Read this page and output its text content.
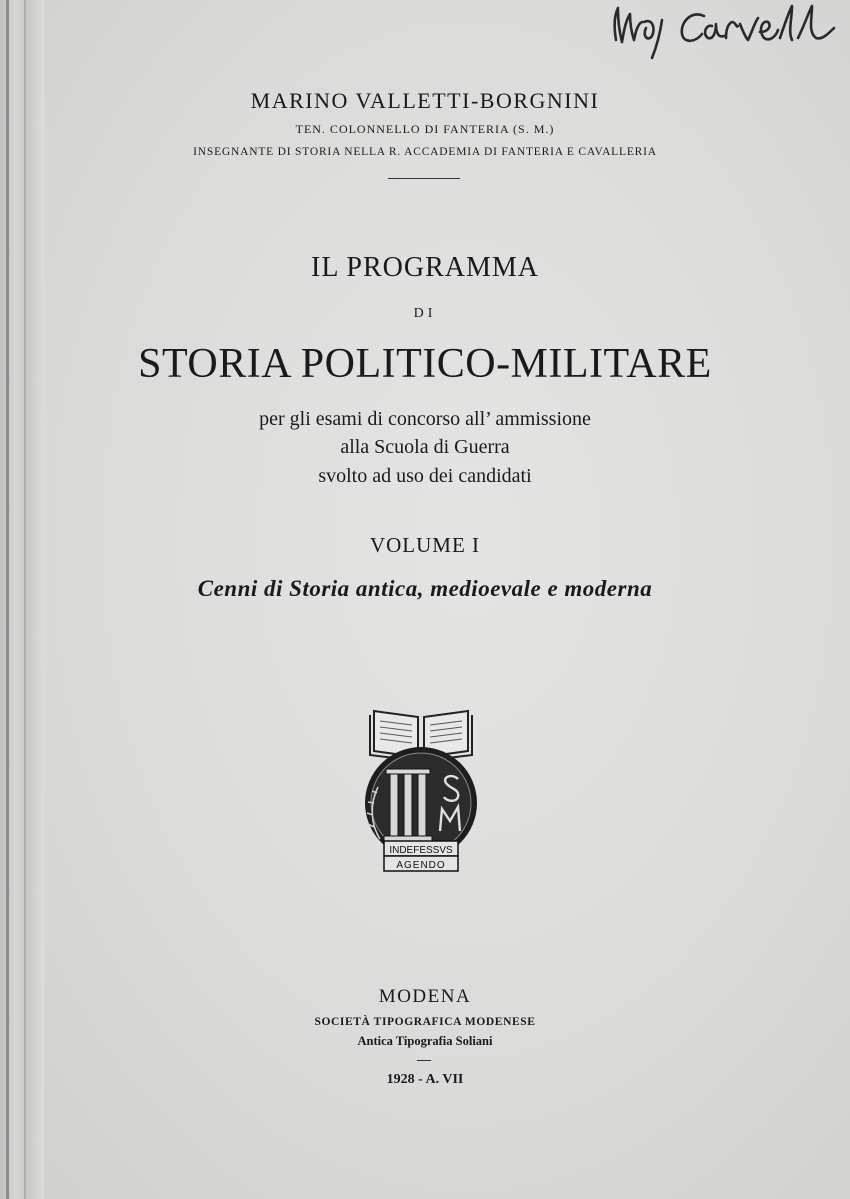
MARINO VALLETTI-BORGNINI
TEN. COLONNELLO DI FANTERIA (S. M.)
INSEGNANTE DI STORIA NELLA R. ACCADEMIA DI FANTERIA E CAVALLERIA
IL PROGRAMMA
DI
STORIA POLITICO-MILITARE
per gli esami di concorso all’ ammissione
alla Scuola di Guerra
svolto ad uso dei candidati
VOLUME I
Cenni di Storia antica, medioevale e moderna
INDEFESSVS
AGENDO
MODENA
SOCIETÀ TIPOGRAFICA MODENESE
Antica Tipografia Soliani
1928 - A. VII
